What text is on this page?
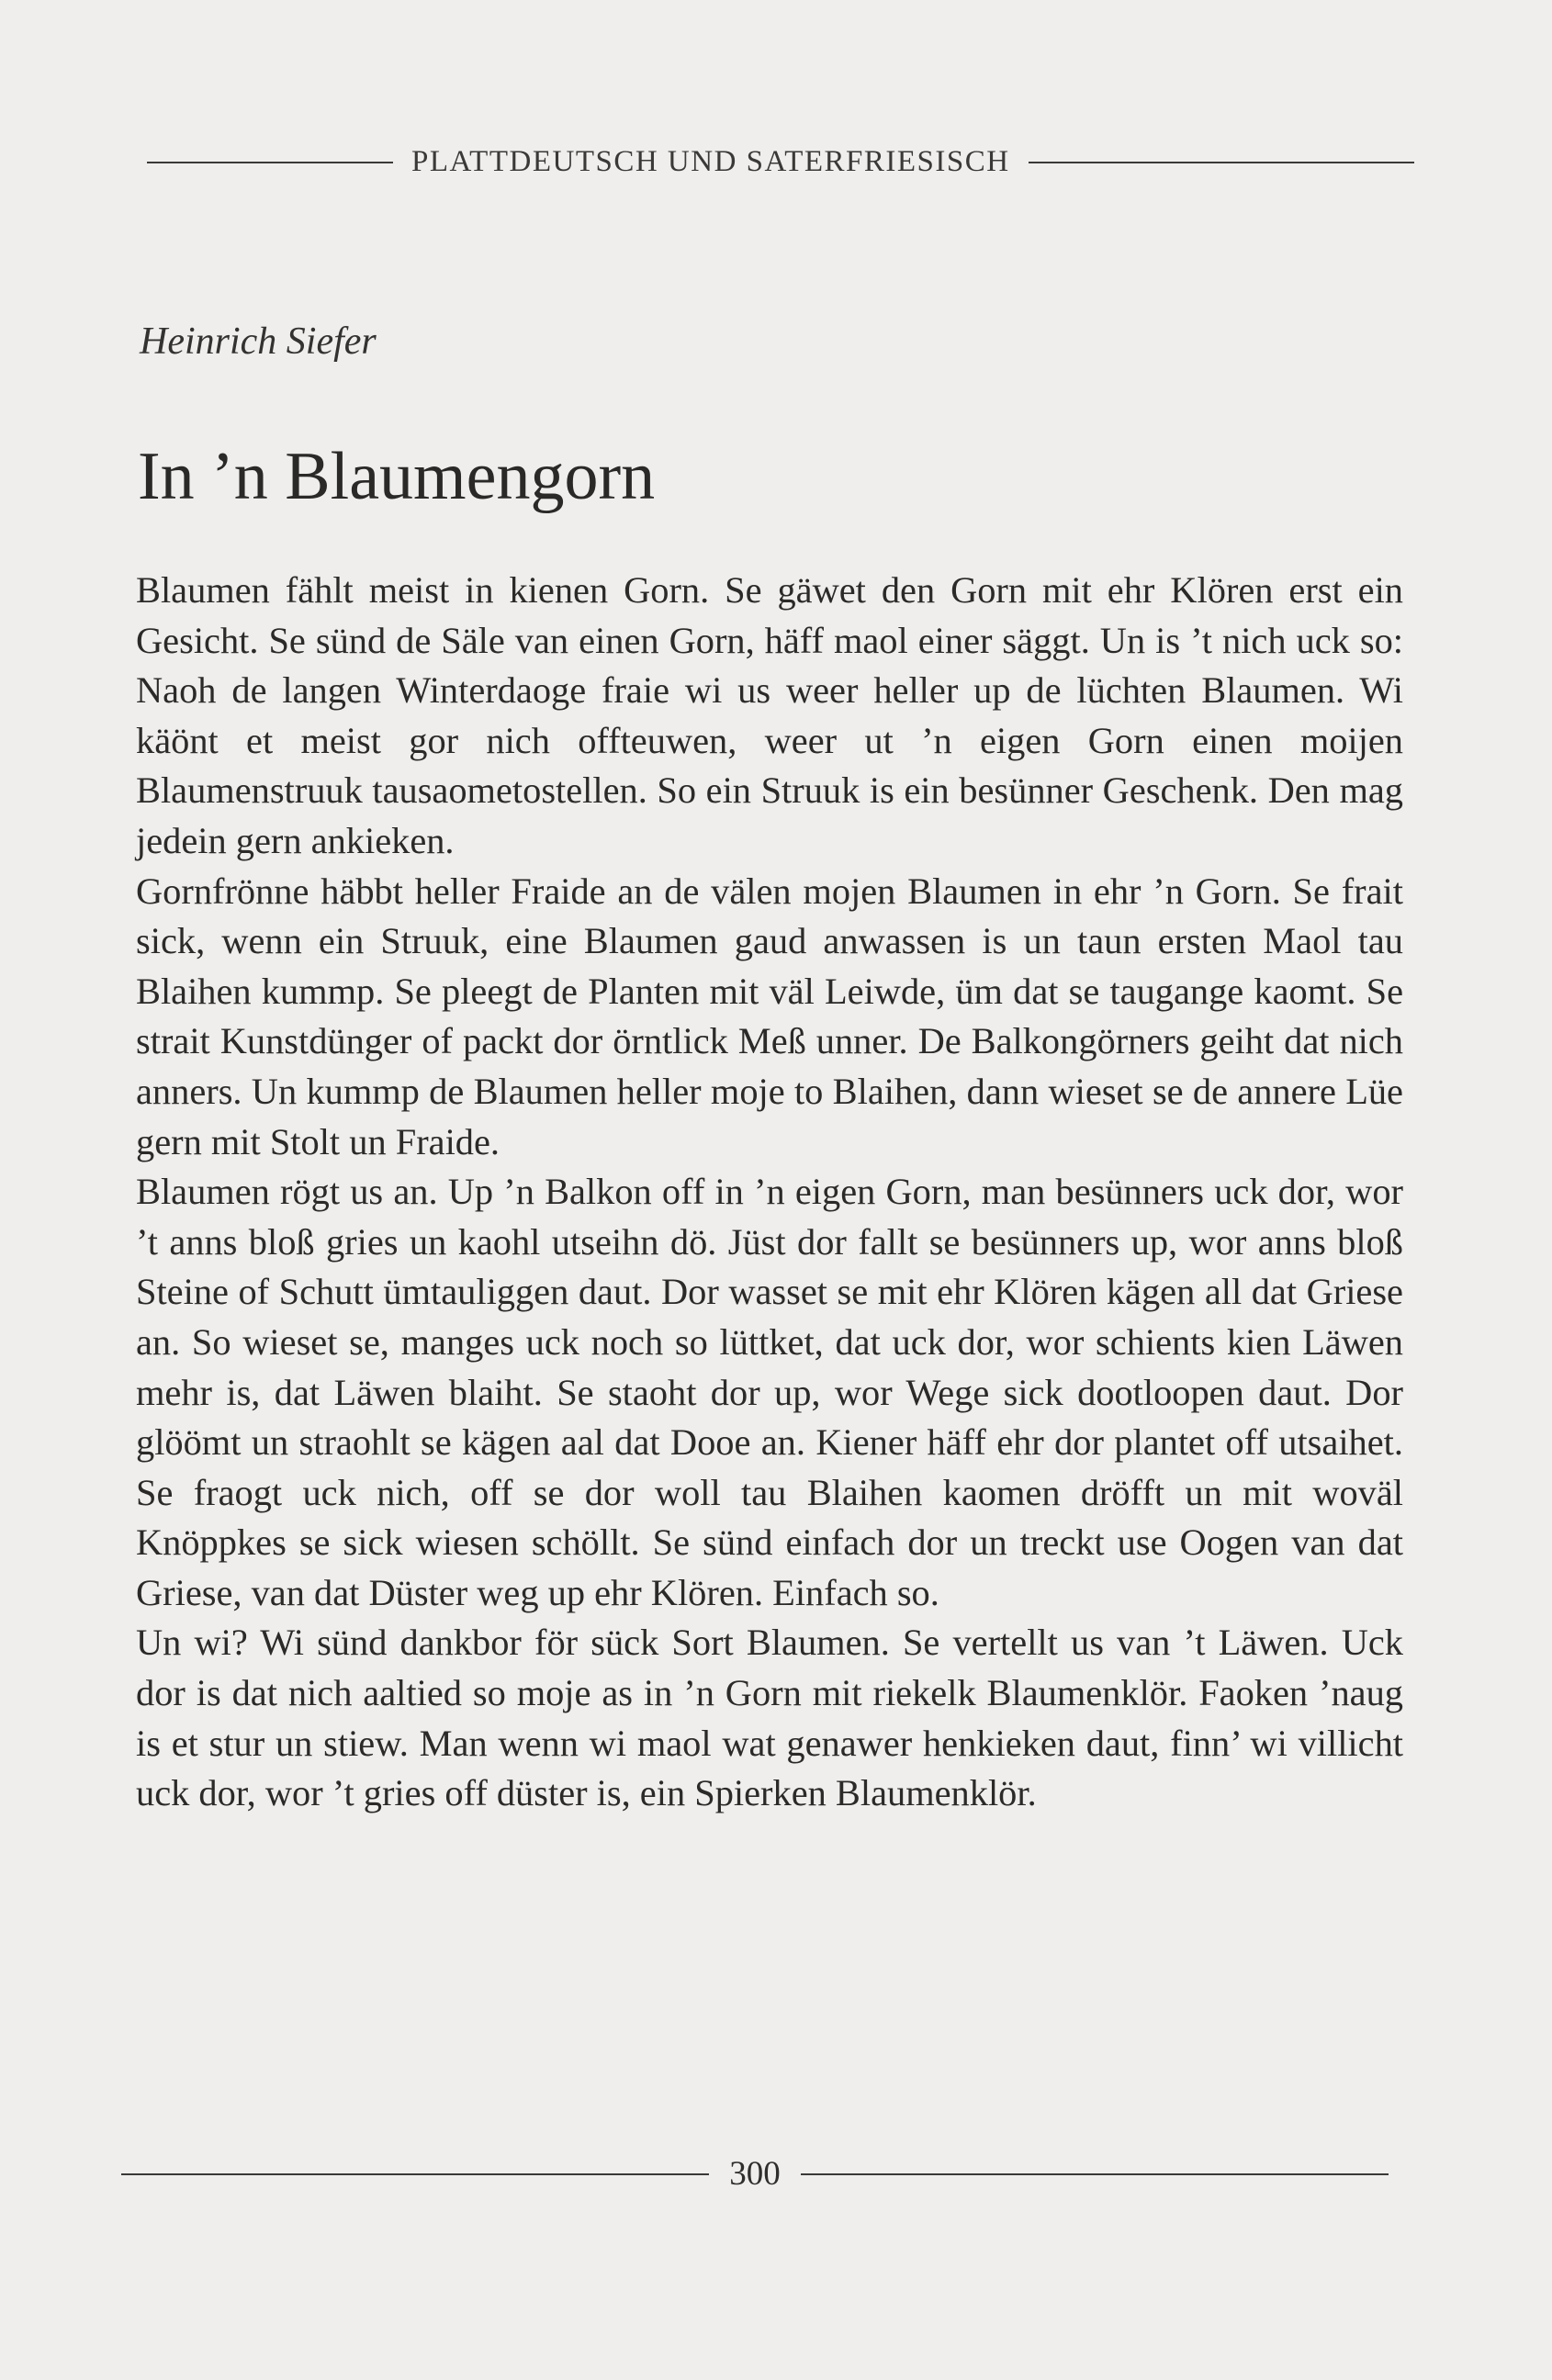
PLATTDEUTSCH UND SATERFRIESISCH
Heinrich Siefer
In ’n Blaumengorn

Blaumen fählt meist in kienen Gorn. Se gäwet den Gorn mit ehr Klören erst ein Gesicht. Se sünd de Säle van einen Gorn, häff maol einer säggt. Un is ’t nich uck so: Naoh de langen Winterdaoge fraie wi us weer heller up de lüchten Blaumen. Wi käönt et meist gor nich offteuwen, weer ut ’n eigen Gorn einen moijen Blaumenstruuk tausaometostellen. So ein Struuk is ein besünner Geschenk. Den mag jedein gern ankieken.

Gornfrönne häbbt heller Fraide an de välen mojen Blaumen in ehr ’n Gorn. Se frait sick, wenn ein Struuk, eine Blaumen gaud anwassen is un taun ersten Maol tau Blaihen kummp. Se pleegt de Planten mit väl Leiwde, üm dat se taugange kaomt. Se strait Kunstdünger of packt dor örntlick Meß unner. De Balkongörners geiht dat nich anners. Un kummp de Blaumen heller moje to Blaihen, dann wieset se de annere Lüe gern mit Stolt un Fraide.

Blaumen rögt us an. Up ’n Balkon off in ’n eigen Gorn, man besünners uck dor, wor ’t anns bloß gries un kaohl utseihn dö. Jüst dor fallt se besünners up, wor anns bloß Steine of Schutt ümtauliggen daut. Dor wasset se mit ehr Klören kägen all dat Griese an. So wieset se, manges uck noch so lüttket, dat uck dor, wor schients kien Läwen mehr is, dat Läwen blaiht. Se staoht dor up, wor Wege sick dootloopen daut. Dor glöömt un straohlt se kägen aal dat Dooe an. Kiener häff ehr dor plantet off utsaihet. Se fraogt uck nich, off se dor woll tau Blaihen kaomen dröfft un mit woväl Knöppkes se sick wiesen schöllt. Se sünd einfach dor un treckt use Oogen van dat Griese, van dat Düster weg up ehr Klören. Einfach so.

Un wi? Wi sünd dankbor för sück Sort Blaumen. Se vertellt us van ’t Läwen. Uck dor is dat nich aaltied so moje as in ’n Gorn mit riekelk Blaumenklör. Faoken ’naug is et stur un stiew. Man wenn wi maol wat genawer henkieken daut, finn’ wi villicht uck dor, wor ’t gries off düster is, ein Spierken Blaumenklör.

300
